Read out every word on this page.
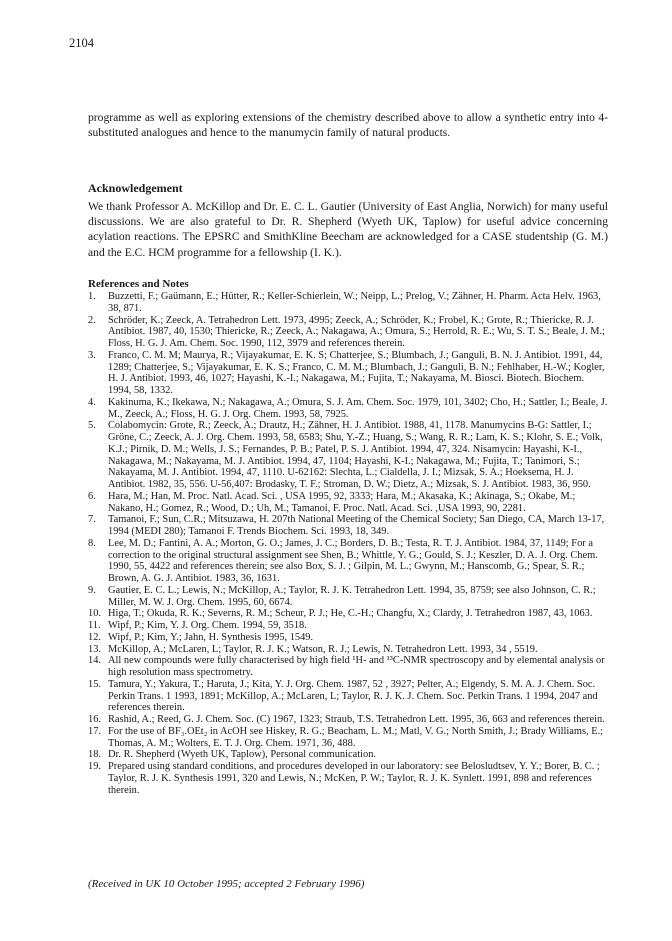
2104

programme as well as exploring extensions of the chemistry described above to allow a synthetic entry into 4-substituted analogues and hence to the manumycin family of natural products.

Acknowledgement

We thank Professor A. McKillop and Dr. E. C. L. Gautier (University of East Anglia, Norwich) for many useful discussions. We are also grateful to Dr. R. Shepherd (Wyeth UK, Taplow) for useful advice concerning acylation reactions. The EPSRC and SmithKline Beecham are acknowledged for a CASE studentship (G. M.) and the E.C. HCM programme for a fellowship (I. K.).

References and Notes
1. Buzzetti, F.; Gaümann, E.; Hütter, R.; Keller-Schierlein, W.; Neipp, L.; Prelog, V.; Zähner, H. Pharm. Acta Helv. 1963, 38, 871.
2. Schröder, K.; Zeeck, A. Tetrahedron Lett. 1973, 4995; Zeeck, A.; Schröder, K.; Frobel, K.; Grote, R.; Thiericke, R. J. Antibiot. 1987, 40, 1530; Thiericke, R.; Zeeck, A.; Nakagawa, A.; Omura, S.; Herrold, R. E.; Wu, S. T. S.; Beale, J. M.; Floss, H. G. J. Am. Chem. Soc. 1990, 112, 3979 and references therein.
3. Franco, C. M. M; Maurya, R.; Vijayakumar, E. K. S; Chatterjee, S.; Blumbach, J.; Ganguli, B. N. J. Antibiot. 1991, 44, 1289; Chatterjee, S.; Vijayakumar, E. K. S.; Franco, C. M. M.; Blumbach, J.; Ganguli, B. N.; Fehlhaber, H.-W.; Kogler, H. J. Antibiot. 1993, 46, 1027; Hayashi, K.-I.; Nakagawa, M.; Fujita, T.; Nakayama, M. Biosci. Biotech. Biochem. 1994, 58, 1332.
4. Kakinuma, K.; Ikekawa, N.; Nakagawa, A.; Omura, S. J. Am. Chem. Soc. 1979, 101, 3402; Cho, H.; Sattler, I.; Beale, J. M., Zeeck, A.; Floss, H. G. J. Org. Chem. 1993, 58, 7925.
5. Colabomycin: Grote, R.; Zeeck, A.; Drautz, H.; Zähner, H. J. Antibiot. 1988, 41, 1178. Manumycins B-G: Sattler, I.; Gröne, C.; Zeeck, A. J. Org. Chem. 1993, 58, 6583; Shu, Y.-Z.; Huang, S.; Wang, R. R.; Lam, K. S.; Klohr, S. E.; Volk, K.J.; Pirnik, D. M.; Wells, J. S.; Fernandes, P. B.; Patel, P. S. J. Antibiot. 1994, 47, 324. Nisamycin: Hayashi, K-I., Nakagawa, M.; Nakayama, M. J. Antibiot. 1994, 47, 1104; Hayashi, K-I.; Nakagawa, M.; Fujita, T.; Tanimori, S.; Nakayama, M. J. Antibiot. 1994, 47, 1110. U-62162: Slechta, L.; Cialdella, J. I.; Mizsak, S. A.; Hoeksema, H. J. Antibiot. 1982, 35, 556. U-56,407: Brodasky, T. F.; Stroman, D. W.; Dietz, A.; Mizsak, S. J. Antibiot. 1983, 36, 950.
6. Hara, M.; Han, M. Proc. Natl. Acad. Sci. , USA 1995, 92, 3333; Hara, M.; Akasaka, K.; Akinaga, S.; Okabe, M.; Nakano, H.; Gomez, R.; Wood, D.; Uh, M.; Tamanoi, F. Proc. Natl. Acad. Sci. ,USA 1993, 90, 2281.
7. Tamanoi, F.; Sun, C.R.; Mitsuzawa, H. 207th National Meeting of the Chemical Society; San Diego, CA, March 13-17, 1994 (MEDI 280); Tamanoi F. Trends Biochem. Sci. 1993, 18, 349.
8. Lee, M. D.; Fantini, A. A.; Morton, G. O.; James, J. C.; Borders, D. B.; Testa, R. T. J. Antibiot. 1984, 37, 1149; For a correction to the original structural assignment see Shen, B.; Whittle, Y. G.; Gould, S. J.; Keszler, D. A. J. Org. Chem. 1990, 55, 4422 and references therein; see also Box, S. J. ; Gilpin, M. L.; Gwynn, M.; Hanscomb, G.; Spear, S. R.; Brown, A. G. J. Antibiot. 1983, 36, 1631.
9. Gautier, E. C. L.; Lewis, N.; McKillop, A.; Taylor, R. J. K. Tetrahedron Lett. 1994, 35, 8759; see also Johnson, C. R.; Miller, M. W. J. Org. Chem. 1995, 60, 6674.
10. Higa, T.; Okuda, R. K.; Severns, R. M.; Scheur, P. J.; He, C.-H.; Changfu, X.; Clardy, J. Tetrahedron 1987, 43, 1063.
11. Wipf, P.; Kim, Y. J. Org. Chem. 1994, 59, 3518.
12. Wipf, P.; Kim, Y.; Jahn, H. Synthesis 1995, 1549.
13. McKillop, A.; McLaren, L; Taylor, R. J. K.; Watson, R. J.; Lewis, N. Tetrahedron Lett. 1993, 34 , 5519.
14. All new compounds were fully characterised by high field ¹H- and ¹³C-NMR spectroscopy and by elemental analysis or high resolution mass spectrometry.
15. Tamura, Y.; Yakura, T.; Haruta, J.; Kita, Y. J. Org. Chem. 1987, 52 , 3927; Pelter, A.; Elgendy, S. M. A. J. Chem. Soc. Perkin Trans. 1 1993, 1891; McKillop, A.; McLaren, L; Taylor, R. J. K. J. Chem. Soc. Perkin Trans. 1 1994, 2047 and references therein.
16. Rashid, A.; Reed, G. J. Chem. Soc. (C) 1967, 1323; Straub, T.S. Tetrahedron Lett. 1995, 36, 663 and references therein.
17. For the use of BF₃.OEt₂ in AcOH see Hiskey, R. G.; Beacham, L. M.; Matl, V. G.; North Smith, J.; Brady Williams, E.; Thomas, A. M.; Wolters, E. T. J. Org. Chem. 1971, 36, 488.
18. Dr. R. Shepherd (Wyeth UK, Taplow), Personal communication.
19. Prepared using standard conditions, and procedures developed in our laboratory: see Belosludtsev, Y. Y.; Borer, B. C. ; Taylor, R. J. K. Synthesis 1991, 320 and Lewis, N.; McKen, P. W.; Taylor, R. J. K. Synlett. 1991, 898 and references therein.
(Received in UK 10 October 1995; accepted 2 February 1996)
